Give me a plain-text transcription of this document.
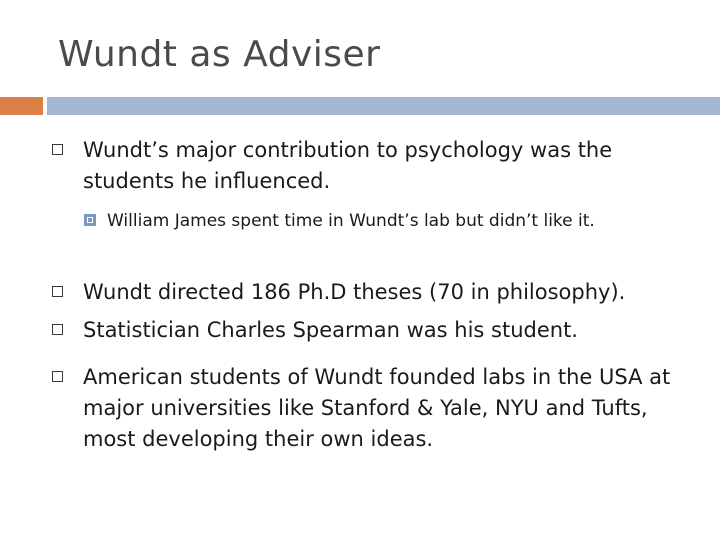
Wundt as Adviser
Wundt’s major contribution to psychology was the students he influenced.
William James spent time in Wundt’s lab but didn’t like it.
Wundt directed 186 Ph.D theses (70 in philosophy).
Statistician Charles Spearman was his student.
American students of Wundt founded labs in the USA at major universities like Stanford & Yale, NYU and Tufts, most developing their own ideas.
